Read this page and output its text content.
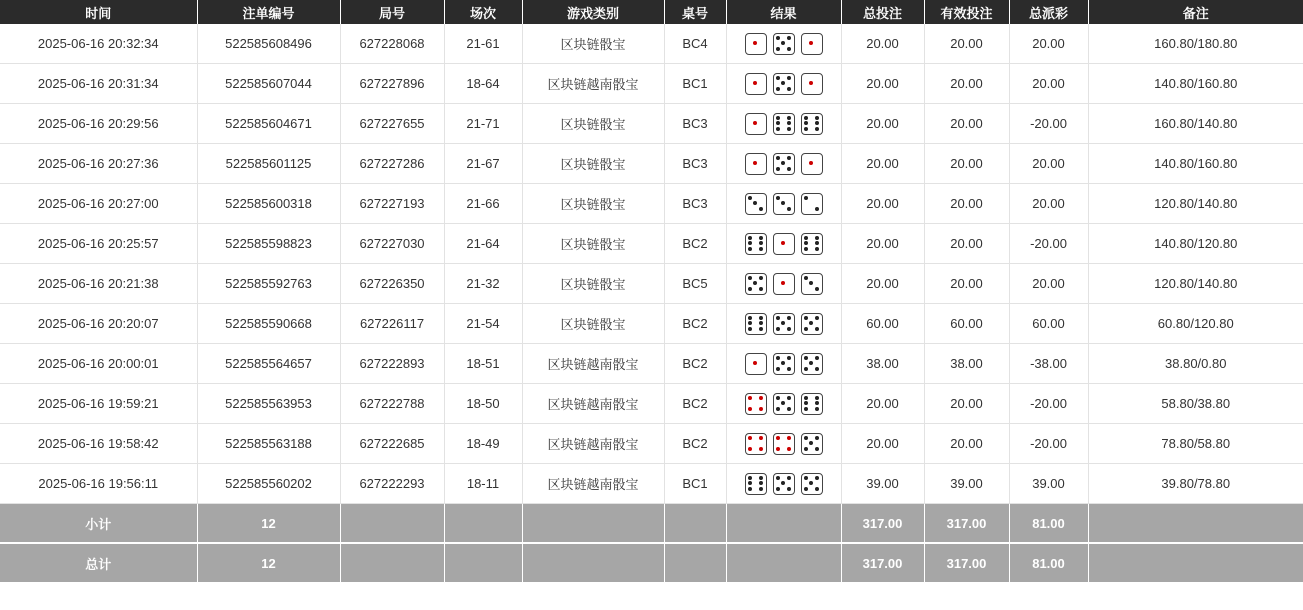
时间	注单编号	局号	场次	游戏类别	桌号	结果	总投注	有效投注	总派彩	备注
2025-06-16 20:32:34	522585608496	627228068	21-61	区块链骰宝	BC4		20.00	20.00	20.00	160.80/180.80
2025-06-16 20:31:34	522585607044	627227896	18-64	区块链越南骰宝	BC1		20.00	20.00	20.00	140.80/160.80
2025-06-16 20:29:56	522585604671	627227655	21-71	区块链骰宝	BC3		20.00	20.00	-20.00	160.80/140.80
2025-06-16 20:27:36	522585601125	627227286	21-67	区块链骰宝	BC3		20.00	20.00	20.00	140.80/160.80
2025-06-16 20:27:00	522585600318	627227193	21-66	区块链骰宝	BC3		20.00	20.00	20.00	120.80/140.80
2025-06-16 20:25:57	522585598823	627227030	21-64	区块链骰宝	BC2		20.00	20.00	-20.00	140.80/120.80
2025-06-16 20:21:38	522585592763	627226350	21-32	区块链骰宝	BC5		20.00	20.00	20.00	120.80/140.80
2025-06-16 20:20:07	522585590668	627226117	21-54	区块链骰宝	BC2		60.00	60.00	60.00	60.80/120.80
2025-06-16 20:00:01	522585564657	627222893	18-51	区块链越南骰宝	BC2		38.00	38.00	-38.00	38.80/0.80
2025-06-16 19:59:21	522585563953	627222788	18-50	区块链越南骰宝	BC2		20.00	20.00	-20.00	58.80/38.80
2025-06-16 19:58:42	522585563188	627222685	18-49	区块链越南骰宝	BC2		20.00	20.00	-20.00	78.80/58.80
2025-06-16 19:56:11	522585560202	627222293	18-11	区块链越南骰宝	BC1		39.00	39.00	39.00	39.80/78.80
小计	12						317.00	317.00	81.00	
总计	12						317.00	317.00	81.00	
